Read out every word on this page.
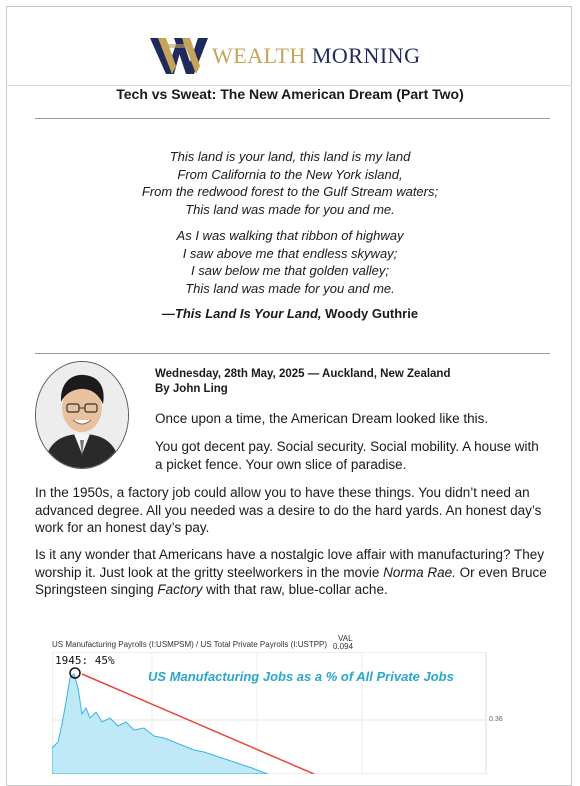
WEALTH MORNING
Tech vs Sweat: The New American Dream (Part Two)
This land is your land, this land is my land
From California to the New York island,
From the redwood forest to the Gulf Stream waters;
This land was made for you and me.
As I was walking that ribbon of highway
I saw above me that endless skyway;
I saw below me that golden valley;
This land was made for you and me.
—This Land Is Your Land, Woody Guthrie
Wednesday, 28th May, 2025 — Auckland, New Zealand
By John Ling
Once upon a time, the American Dream looked like this.
You got decent pay. Social security. Social mobility. A house with a picket fence. Your own slice of paradise.
In the 1950s, a factory job could allow you to have these things. You didn’t need an advanced degree. All you needed was a desire to do the hard yards. An honest day’s work for an honest day’s pay.
Is it any wonder that Americans have a nostalgic love affair with manufacturing? They worship it. Just look at the gritty steelworkers in the movie Norma Rae. Or even Bruce Springsteen singing Factory with that raw, blue-collar ache.
US Manufacturing Payrolls (I:USMPSM) / US Total Private Payrolls (I:USTPP)
VAL
0.094
1945: 45%
US Manufacturing Jobs as a % of All Private Jobs
0.36
